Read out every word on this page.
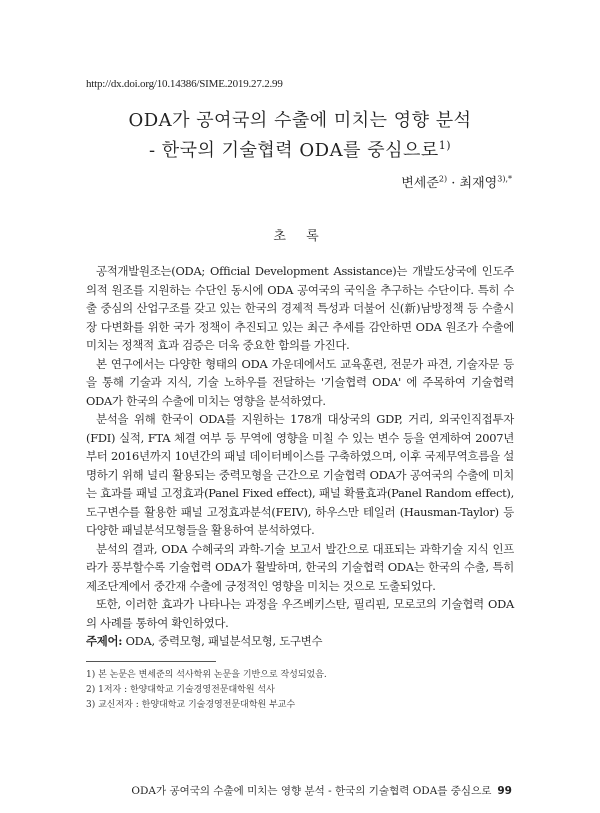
http://dx.doi.org/10.14386/SIME.2019.27.2.99
ODA가 공여국의 수출에 미치는 영향 분석
- 한국의 기술협력 ODA를 중심으로$^{1)}$
변세준$^{2)}$ · 최재영$^{3),*}$
초 록

공적개발원조는(ODA; Official Development Assistance)는 개발도상국에 인도주의적 원조를 지원하는 수단인 동시에 ODA 공여국의 국익을 추구하는 수단이다. 특히 수출 중심의 산업구조를 갖고 있는 한국의 경제적 특성과 더불어 신(新)남방정책 등 수출시장 다변화를 위한 국가 정책이 추진되고 있는 최근 추세를 감안하면 ODA 원조가 수출에 미치는 정책적 효과 검증은 더욱 중요한 함의를 가진다.

본 연구에서는 다양한 형태의 ODA 가운데에서도 교육훈련, 전문가 파견, 기술자문 등을 통해 기술과 지식, 기술 노하우를 전달하는 '기술협력 ODA' 에 주목하여 기술협력 ODA가 한국의 수출에 미치는 영향을 분석하였다.

분석을 위해 한국이 ODA를 지원하는 178개 대상국의 GDP, 거리, 외국인직접투자(FDI) 실적, FTA 체결 여부 등 무역에 영향을 미칠 수 있는 변수 등을 연계하여 2007년부터 2016년까지 10년간의 패널 데이터베이스를 구축하였으며, 이후 국제무역흐름을 설명하기 위해 널리 활용되는 중력모형을 근간으로 기술협력 ODA가 공여국의 수출에 미치는 효과를 패널 고정효과(Panel Fixed effect), 패널 확률효과(Panel Random effect), 도구변수를 활용한 패널 고정효과분석(FEIV), 하우스만 테일러 (Hausman-Taylor) 등 다양한 패널분석모형들을 활용하여 분석하였다.

분석의 결과, ODA 수혜국의 과학-기술 보고서 발간으로 대표되는 과학기술 지식 인프라가 풍부할수록 기술협력 ODA가 활발하며, 한국의 기술협력 ODA는 한국의 수출, 특히 제조단계에서 중간재 수출에 긍정적인 영향을 미치는 것으로 도출되었다.

또한, 이러한 효과가 나타나는 과정을 우즈베키스탄, 필리핀, 모로코의 기술협력 ODA의 사례를 통하여 확인하였다.

주제어: ODA, 중력모형, 패널분석모형, 도구변수

1) 본 논문은 변세준의 석사학위 논문을 기반으로 작성되었음.
2) 1저자 : 한양대학교 기술경영전문대학원 석사
3) 교신저자 : 한양대학교 기술경영전문대학원 부교수
ODA가 공여국의 수출에 미치는 영향 분석 - 한국의 기술협력 ODA를 중심으로 99
